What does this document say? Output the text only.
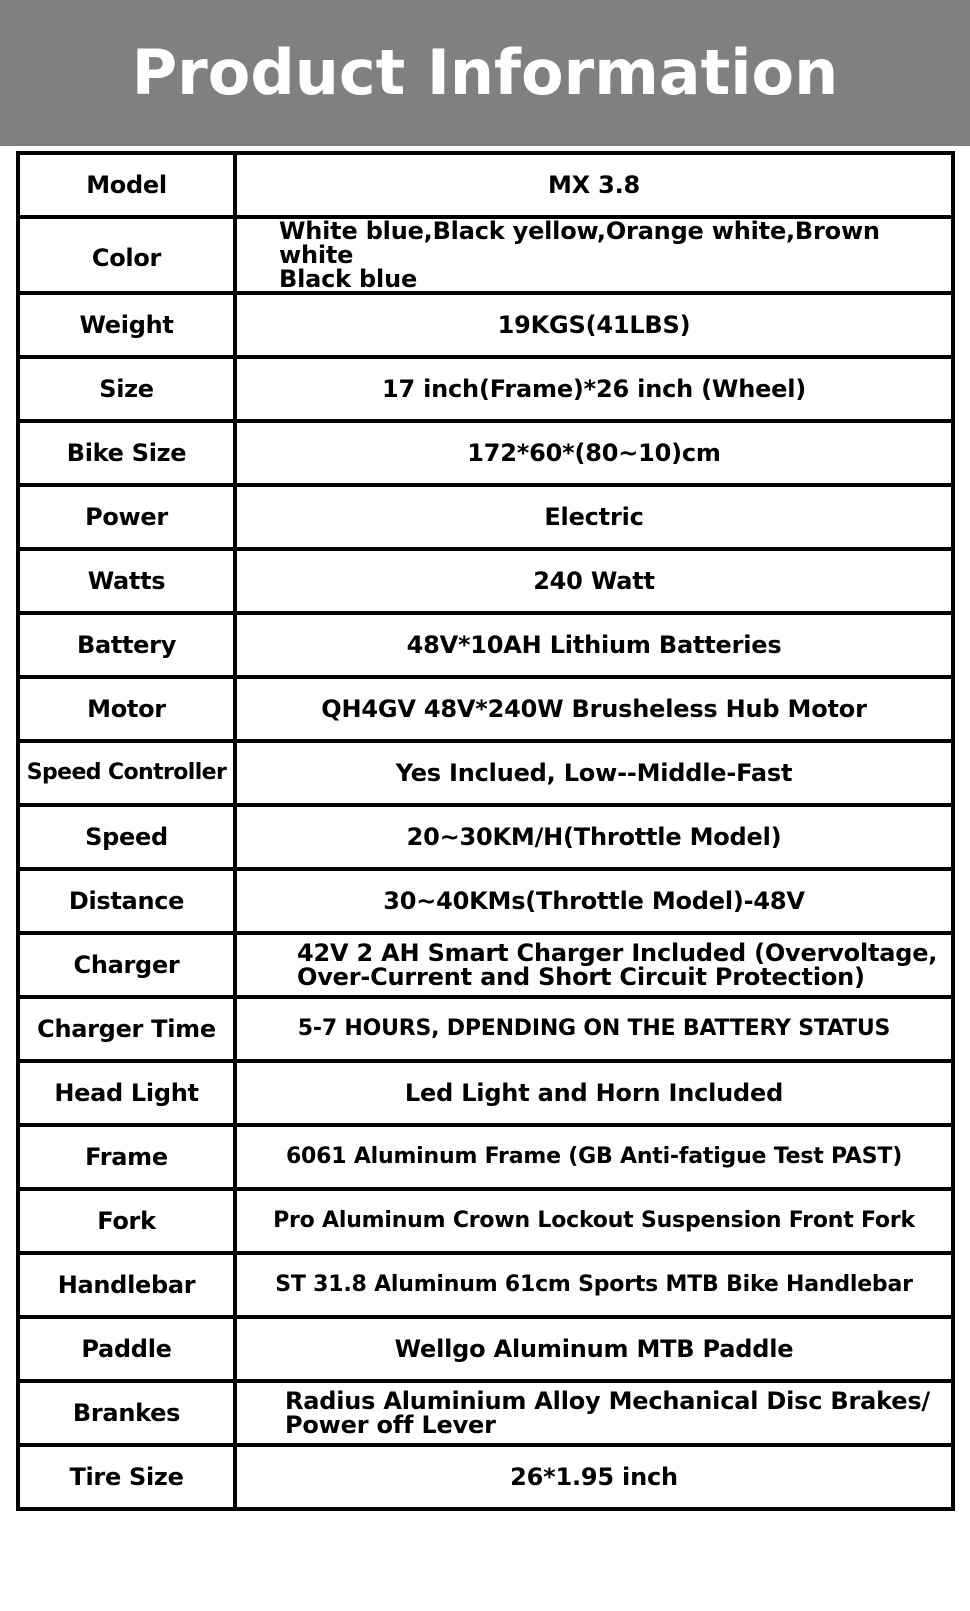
Product Information
Model	MX 3.8
Color	White blue,Black yellow,Orange white,Brown white
Black blue

Weight	19KGS(41LBS)
Size	17 inch(Frame)*26 inch (Wheel)
Bike Size	172*60*(80~10)cm
Power	Electric
Watts	240 Watt
Battery	48V*10AH Lithium Batteries
Motor	QH4GV 48V*240W Brusheless Hub Motor
Speed Controller	Yes Inclued, Low--Middle-Fast
Speed	20~30KM/H(Throttle Model)
Distance	30~40KMs(Throttle Model)-48V
Charger	42V 2 AH Smart Charger Included (Overvoltage,
Over-Current and Short Circuit Protection)

Charger Time	5-7 HOURS, DPENDING ON THE BATTERY STATUS
Head Light	Led Light and Horn Included
Frame	6061 Aluminum Frame (GB Anti-fatigue Test PAST)
Fork	Pro Aluminum Crown Lockout Suspension Front Fork
Handlebar	ST 31.8 Aluminum 61cm Sports MTB Bike Handlebar
Paddle	Wellgo Aluminum MTB Paddle
Brankes	Radius Aluminium Alloy Mechanical Disc Brakes/
Power off Lever

Tire Size	26*1.95 inch
